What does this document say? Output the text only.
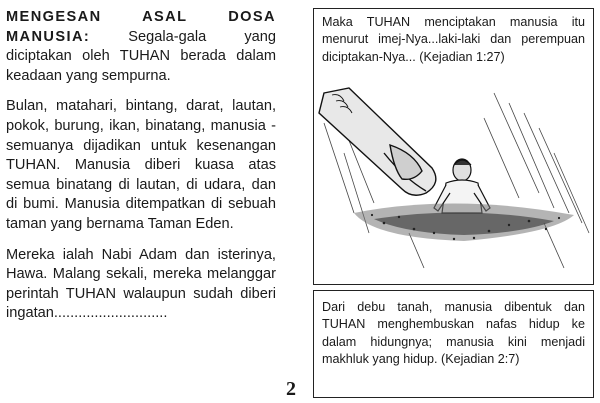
MENGESAN ASAL DOSA MANUSIA: Segala-gala yang diciptakan oleh TUHAN berada dalam keadaan yang sempurna.

Bulan, matahari, bintang, darat, lautan, pokok, burung, ikan, binatang, manusia - semuanya dijadikan untuk kesenangan TUHAN. Manusia diberi kuasa atas semua binatang di lautan, di udara, dan di bumi. Manusia ditempatkan di sebuah taman yang bernama Taman Eden.

Mereka ialah Nabi Adam dan isterinya, Hawa. Malang sekali, mereka melanggar perintah TUHAN walaupun sudah diberi ingatan............................

2
Maka TUHAN menciptakan manusia itu menurut imej-Nya...laki-laki dan perempuan diciptakan-Nya... (Kejadian 1:27)
Dari debu tanah, manusia dibentuk dan TUHAN menghembuskan nafas hidup ke dalam hidungnya; manusia kini menjadi makhluk yang hidup. (Kejadian 2:7)
